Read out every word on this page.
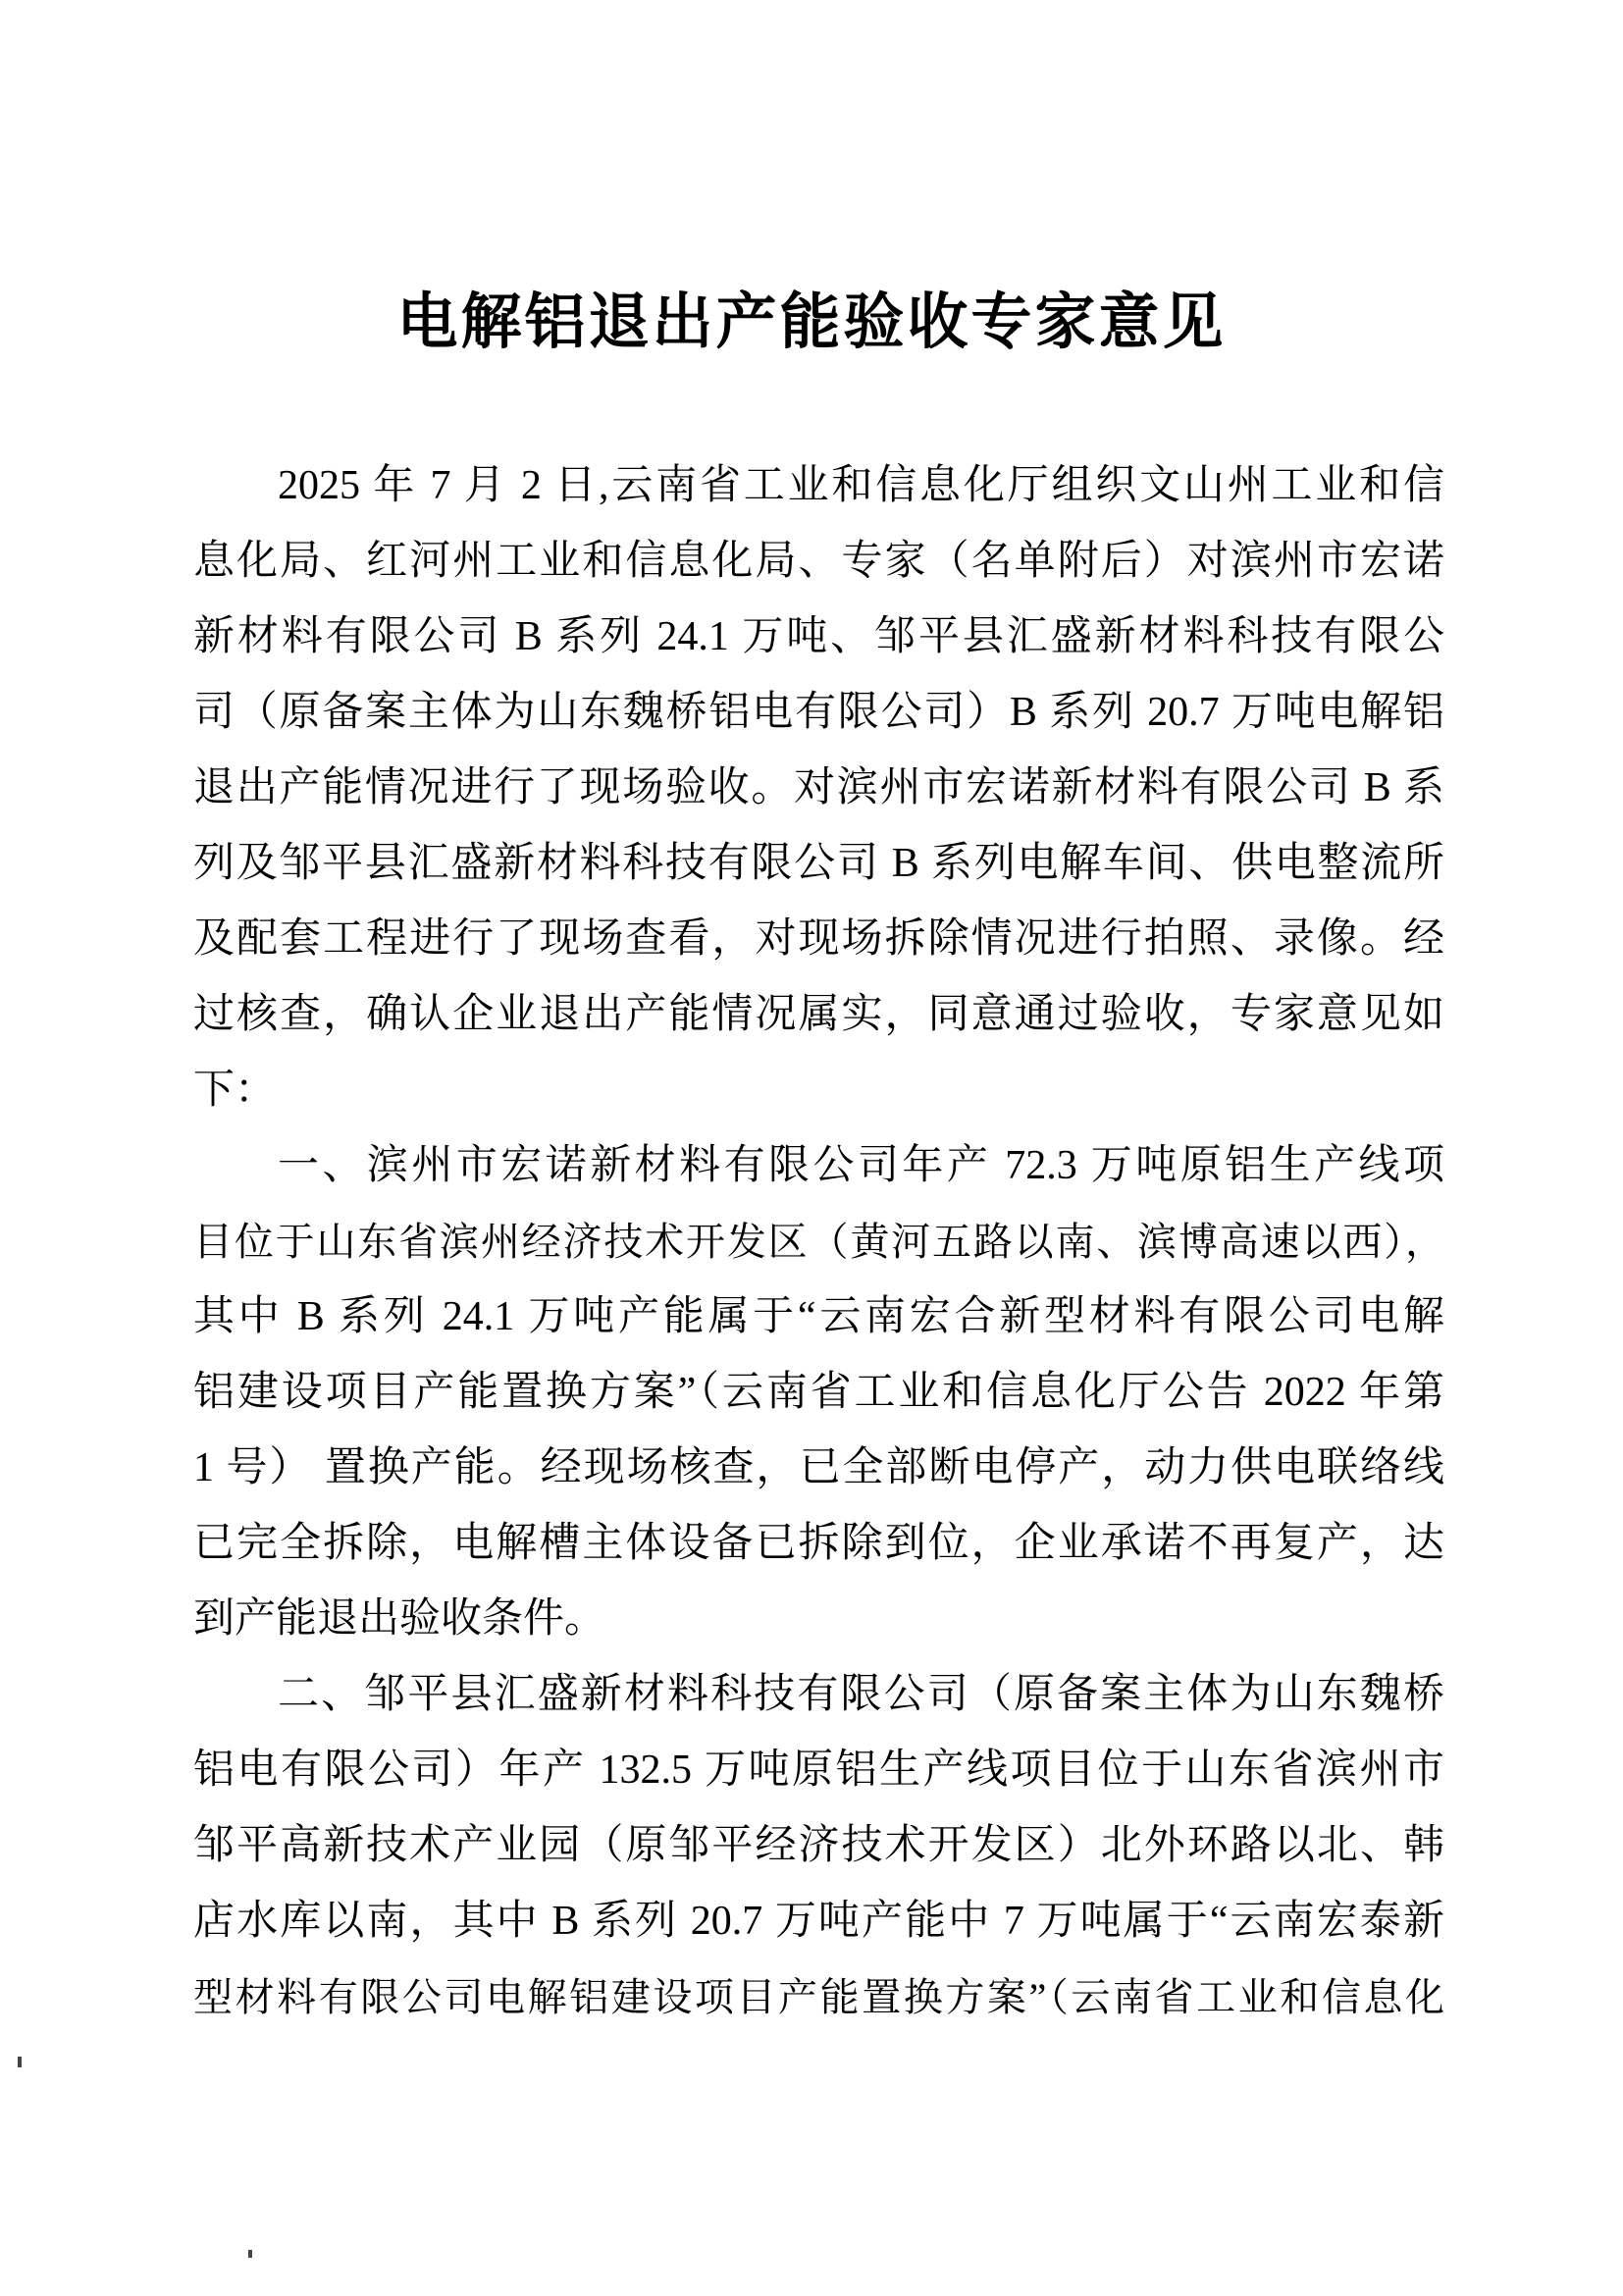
电解铝退出产能验收专家意见
2025 年 7 月 2 日,云南省工业和信息化厅组织文山州工业和信
息化局、红河州工业和信息化局、专家（名单附后）对滨州市宏诺
新材料有限公司 B 系列 24.1 万吨、邹平县汇盛新材料科技有限公
司（原备案主体为山东魏桥铝电有限公司）B 系列 20.7 万吨电解铝
退出产能情况进行了现场验收。对滨州市宏诺新材料有限公司 B 系
列及邹平县汇盛新材料科技有限公司 B 系列电解车间、供电整流所
及配套工程进行了现场查看，对现场拆除情况进行拍照、录像。经
过核查，确认企业退出产能情况属实，同意通过验收，专家意见如
下：
一、滨州市宏诺新材料有限公司年产 72.3 万吨原铝生产线项
目位于山东省滨州经济技术开发区（黄河五路以南、滨博高速以西），
其中 B 系列 24.1 万吨产能属于“云南宏合新型材料有限公司电解
铝建设项目产能置换方案”（云南省工业和信息化厅公告 2022 年第
1 号） 置换产能。经现场核查，已全部断电停产，动力供电联络线
已完全拆除，电解槽主体设备已拆除到位，企业承诺不再复产，达
到产能退出验收条件。
二、邹平县汇盛新材料科技有限公司（原备案主体为山东魏桥
铝电有限公司）年产 132.5 万吨原铝生产线项目位于山东省滨州市
邹平高新技术产业园（原邹平经济技术开发区）北外环路以北、韩
店水库以南，其中 B 系列 20.7 万吨产能中 7 万吨属于“云南宏泰新
型材料有限公司电解铝建设项目产能置换方案”（云南省工业和信息化
